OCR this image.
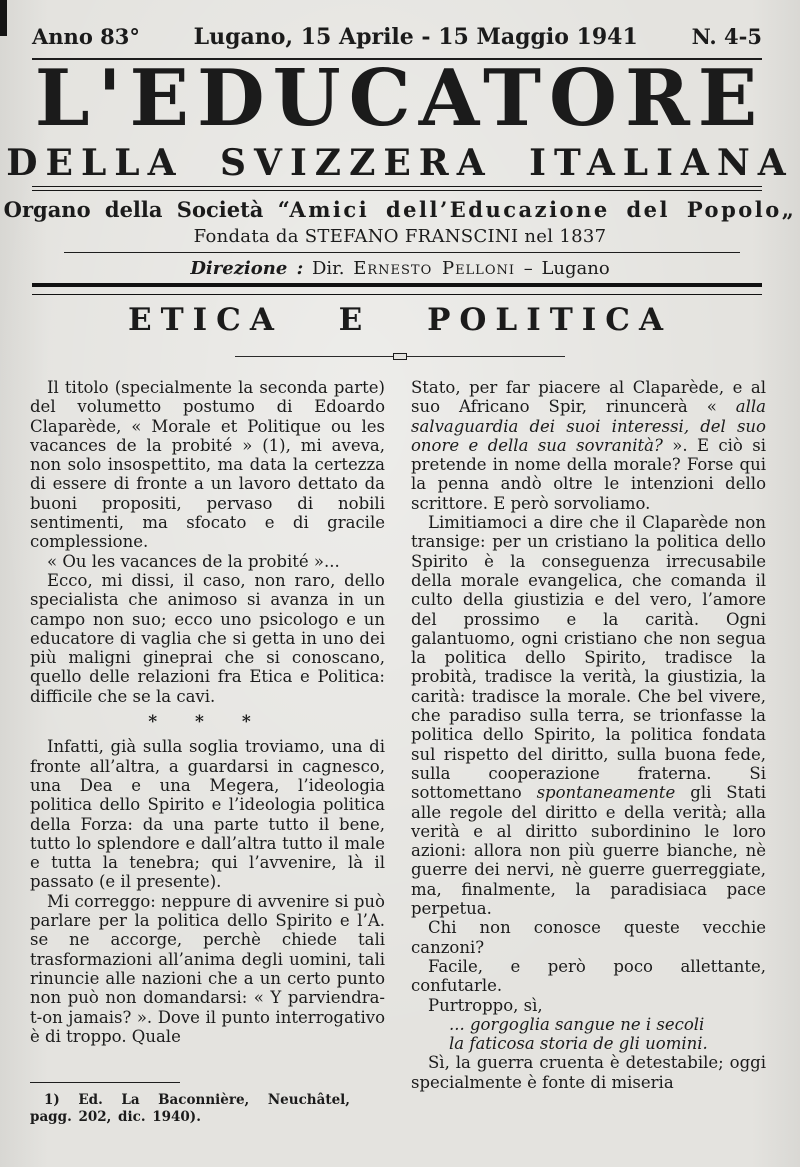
Anno 83° Lugano, 15 Aprile - 15 Maggio 1941	N. 4-5
L'EDUCATORE
DELLA SVIZZERA ITALIANA
Organo della Società “Amici dell’Educazione del Popolo„
Fondata da STEFANO FRANSCINI nel 1837
Direzione : Dir. Ernesto Pelloni – Lugano
ETICA E POLITICA

Il titolo (specialmente la seconda parte) del volumetto postumo di Edoardo Claparède, « Morale et Politique ou les vacances de la probité » (1), mi aveva, non solo insospettito, ma data la certezza di essere di fronte a un lavoro dettato da buoni propositi, pervaso di nobili sentimenti, ma sfocato e di gracile complessione.

« Ou les vacances de la probité »...

Ecco, mi dissi, il caso, non raro, dello specialista che animoso si avanza in un campo non suo; ecco uno psicologo e un educatore di vaglia che si getta in uno dei più maligni gineprai che si conoscano, quello delle relazioni fra Etica e Politica: difficile che se la cavi.

* * *

Infatti, già sulla soglia troviamo, una di fronte all’altra, a guardarsi in cagnesco, una Dea e una Megera, l’ideologia politica dello Spirito e l’ideologia politica della Forza: da una parte tutto il bene, tutto lo splendore e dall’altra tutto il male e tutta la tenebra; qui l’avvenire, là il passato (e il presente).

Mi correggo: neppure di avvenire si può parlare per la politica dello Spirito e l’A. se ne accorge, perchè chiede tali trasformazioni all’anima degli uomini, tali rinuncie alle nazioni che a un certo punto non può non domandarsi: « Y parviendra-t-on jamais? ». Dove il punto interrogativo è di troppo. Quale

1) Ed. La Baconnière, Neuchâtel, pagg. 202, dic. 1940).

Stato, per far piacere al Claparède, e al suo Africano Spir, rinuncerà « alla salvaguardia dei suoi interessi, del suo onore e della sua sovranità? ». E ciò si pretende in nome della morale? Forse qui la penna andò oltre le intenzioni dello scrittore. E però sorvoliamo.

Limitiamoci a dire che il Claparède non transige: per un cristiano la politica dello Spirito è la conseguenza irrecusabile della morale evangelica, che comanda il culto della giustizia e del vero, l’amore del prossimo e la carità. Ogni galantuomo, ogni cristiano che non segua la politica dello Spirito, tradisce la probità, tradisce la verità, la giustizia, la carità: tradisce la morale. Che bel vivere, che paradiso sulla terra, se trionfasse la politica dello Spirito, la politica fondata sul rispetto del diritto, sulla buona fede, sulla cooperazione fraterna. Si sottomettano spontaneamente gli Stati alle regole del diritto e della verità; alla verità e al diritto subordinino le loro azioni: allora non più guerre bianche, nè guerre dei nervi, nè guerre guerreggiate, ma, finalmente, la paradisiaca pace perpetua.

Chi non conosce queste vecchie canzoni?

Facile, e però poco allettante, confutarle.

Purtroppo, sì,

... gorgoglia sangue ne i secoli
la faticosa storia de gli uomini.

Sì, la guerra cruenta è detestabile; oggi specialmente è fonte di miseria
